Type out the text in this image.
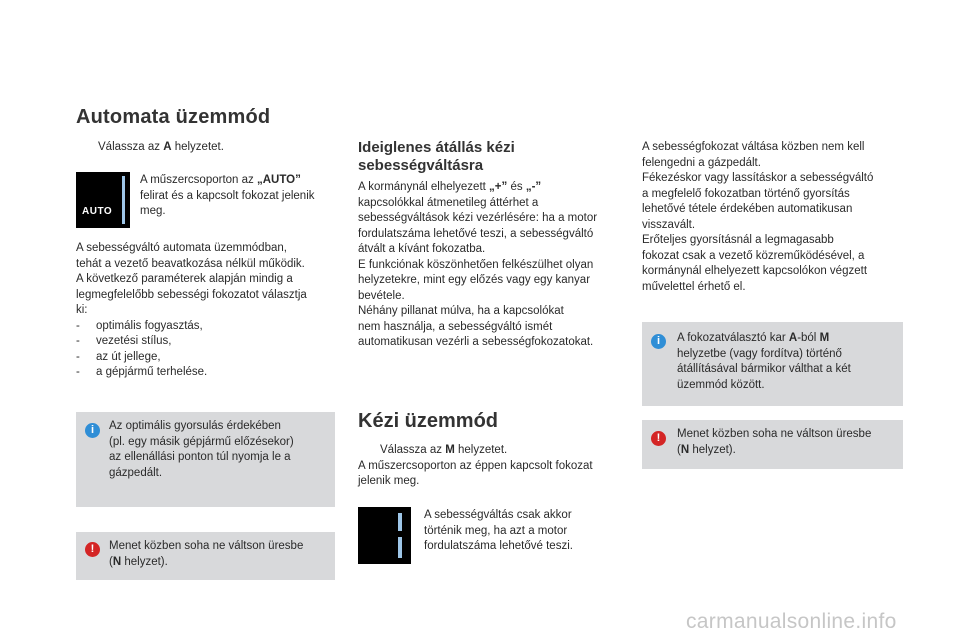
Automata üzemmód
Válassza az A helyzetet.
AUTO
A műszercsoporton az „AUTO”
felirat és a kapcsolt fokozat jelenik
meg.
A sebességváltó automata üzemmódban,
tehát a vezető beavatkozása nélkül működik.
A következő paraméterek alapján mindig a
legmegfelelőbb sebességi fokozatot választja
ki:
- optimális fogyasztás,
- vezetési stílus,
- az út jellege,
- a gépjármű terhelése.
i	Az optimális gyorsulás érdekében
(pl. egy másik gépjármű előzésekor)
az ellenállási ponton túl nyomja le a
gázpedált.
!	Menet közben soha ne váltson üresbe
(N helyzet).
Ideiglenes átállás kézi
sebességváltásra
A kormánynál elhelyezett „+” és „-”
kapcsolókkal átmenetileg áttérhet a
sebességváltások kézi vezérlésére: ha a motor
fordulatszáma lehetővé teszi, a sebességváltó
átvált a kívánt fokozatba.
E funkciónak köszönhetően felkészülhet olyan
helyzetekre, mint egy előzés vagy egy kanyar
bevétele.
Néhány pillanat múlva, ha a kapcsolókat
nem használja, a sebességváltó ismét
automatikusan vezérli a sebességfokozatokat.
Kézi üzemmód
Válassza az M helyzetet.
A műszercsoporton az éppen kapcsolt fokozat
jelenik meg.
A sebességváltás csak akkor
történik meg, ha azt a motor
fordulatszáma lehetővé teszi.
A sebességfokozat váltása közben nem kell
felengedni a gázpedált.
Fékezéskor vagy lassításkor a sebességváltó
a megfelelő fokozatban történő gyorsítás
lehetővé tétele érdekében automatikusan
visszavált.
Erőteljes gyorsításnál a legmagasabb
fokozat csak a vezető közreműködésével, a
kormánynál elhelyezett kapcsolókon végzett
művelettel érhető el.
i	A fokozatválasztó kar A-ból M
helyzetbe (vagy fordítva) történő
átállításával bármikor válthat a két
üzemmód között.
!	Menet közben soha ne váltson üresbe
(N helyzet).
carmanualsonline.info
